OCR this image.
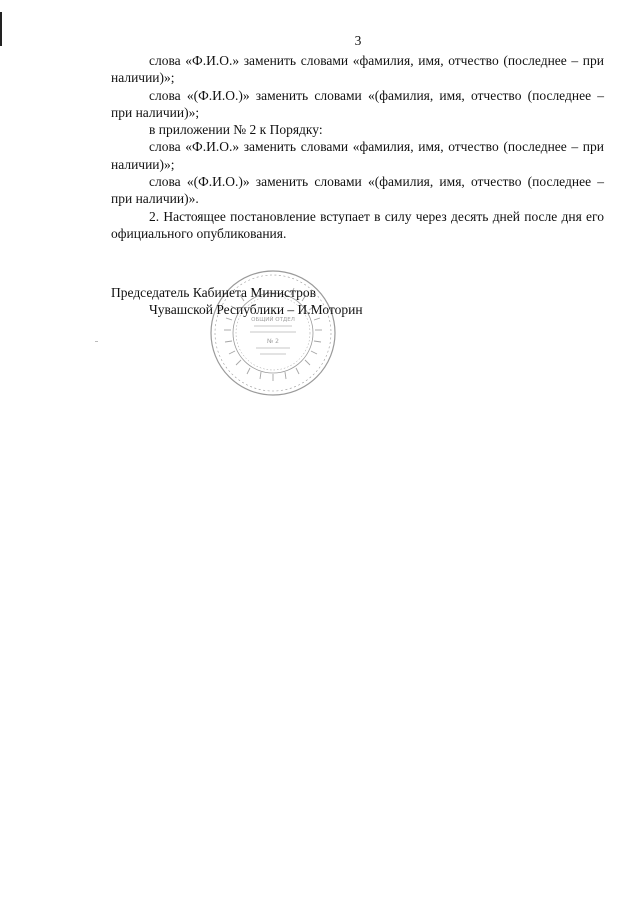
3

слова «Ф.И.О.» заменить словами «фамилия, имя, отчество (последнее – при наличии)»;

слова «(Ф.И.О.)» заменить словами «(фамилия, имя, отчество (последнее – при наличии)»;

в приложении № 2 к Порядку:

слова «Ф.И.О.» заменить словами «фамилия, имя, отчество (последнее – при наличии)»;

слова «(Ф.И.О.)» заменить словами «(фамилия, имя, отчество (последнее – при наличии)».

2. Настоящее постановление вступает в силу через десять дней после дня его официального опубликования.

ОБЩИЙ ОТДЕЛ
№ 2
Председатель Кабинета Министров
Чувашской Республики – И.Моторин
